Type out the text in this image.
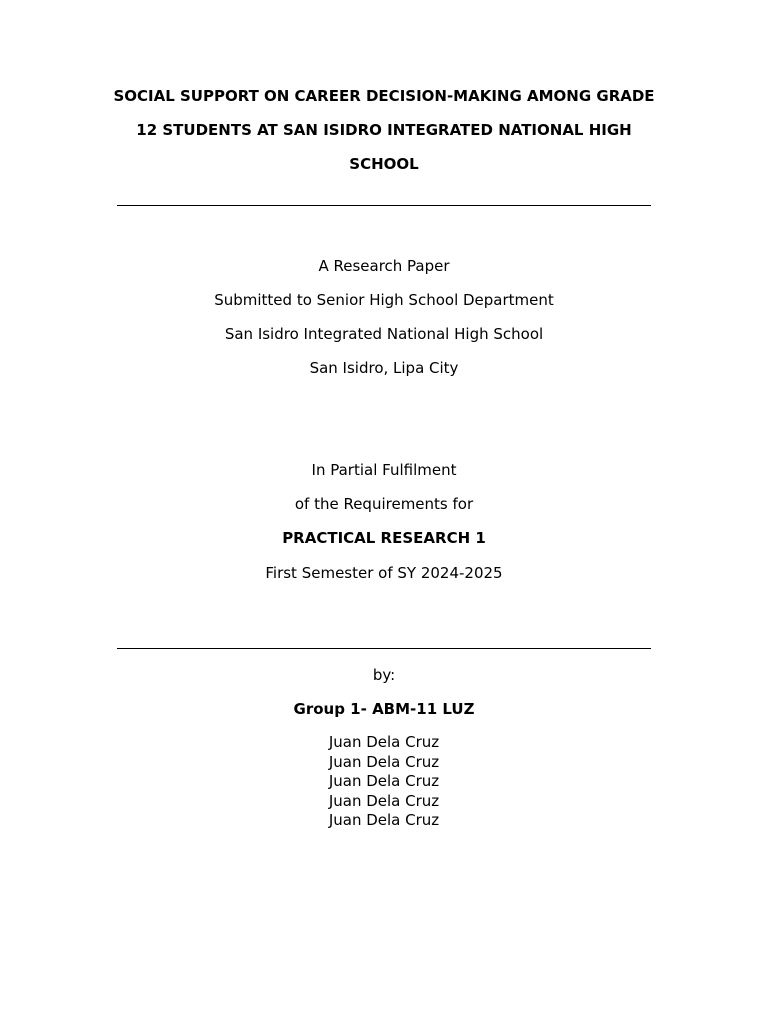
SOCIAL SUPPORT ON CAREER DECISION-MAKING AMONG GRADE
12 STUDENTS AT SAN ISIDRO INTEGRATED NATIONAL HIGH
SCHOOL
A Research Paper
Submitted to Senior High School Department
San Isidro Integrated National High School
San Isidro, Lipa City
In Partial Fulfilment
of the Requirements for
PRACTICAL RESEARCH 1
First Semester of SY 2024-2025
by:
Group 1- ABM-11 LUZ
Juan Dela Cruz
Juan Dela Cruz
Juan Dela Cruz
Juan Dela Cruz
Juan Dela Cruz
